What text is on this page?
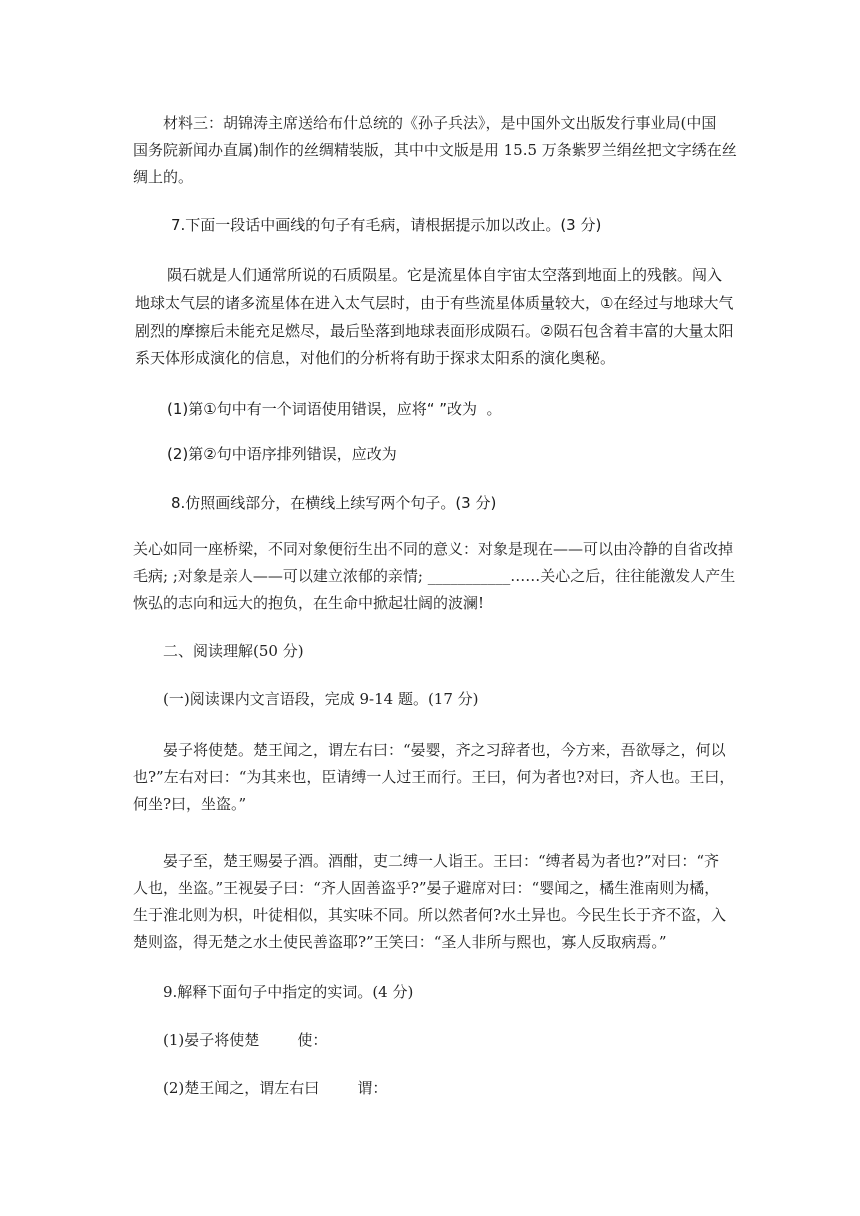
材料三：胡锦涛主席送给布什总统的《孙子兵法》，是中国外文出版发行事业局(中国
国务院新闻办直属)制作的丝绸精装版，其中中文版是用 15.5 万条紫罗兰绢丝把文字绣在丝
绸上的。
7.下面一段话中画线的句子有毛病，请根据提示加以改止。(3 分)
陨石就是人们通常所说的石质陨星。它是流星体自宇宙太空落到地面上的残骸。闯入
地球太气层的诸多流星体在进入太气层时，由于有些流星体质量较大，①在经过与地球大气
剧烈的摩擦后未能充足燃尽，最后坠落到地球表面形成陨石。②陨石包含着丰富的大量太阳
系天体形成演化的信息，对他们的分析将有助于探求太阳系的演化奥秘。
(1)第①句中有一个词语使用错误，应将“ ”改为  。
(2)第②句中语序排列错误，应改为
8.仿照画线部分，在横线上续写两个句子。(3 分)
关心如同一座桥梁，不同对象便衍生出不同的意义：对象是现在——可以由冷静的自省改掉
毛病; ;对象是亲人——可以建立浓郁的亲情; ___________……关心之后，往往能激发人产生
恢弘的志向和远大的抱负，在生命中掀起壮阔的波澜!
二、阅读理解(50 分)
(一)阅读课内文言语段，完成 9-14 题。(17 分)
晏子将使楚。楚王闻之，谓左右曰：“晏婴，齐之习辞者也，今方来，吾欲辱之，何以
也?”左右对曰：“为其来也，臣请缚一人过王而行。王曰，何为者也?对曰，齐人也。王曰，
何坐?曰，坐盗。”
晏子至，楚王赐晏子酒。酒酣，吏二缚一人诣王。王曰：“缚者曷为者也?”对曰：“齐
人也，坐盗。”王视晏子曰：“齐人固善盗乎?”晏子避席对曰：“婴闻之，橘生淮南则为橘，
生于淮北则为枳，叶徒相似，其实味不同。所以然者何?水土异也。今民生长于齐不盗，入
楚则盗，得无楚之水土使民善盗耶?”王笑曰：“圣人非所与熙也，寡人反取病焉。”
9.解释下面句子中指定的实词。(4 分)
(1)晏子将使楚        使：
(2)楚王闻之，谓左右曰        谓：
